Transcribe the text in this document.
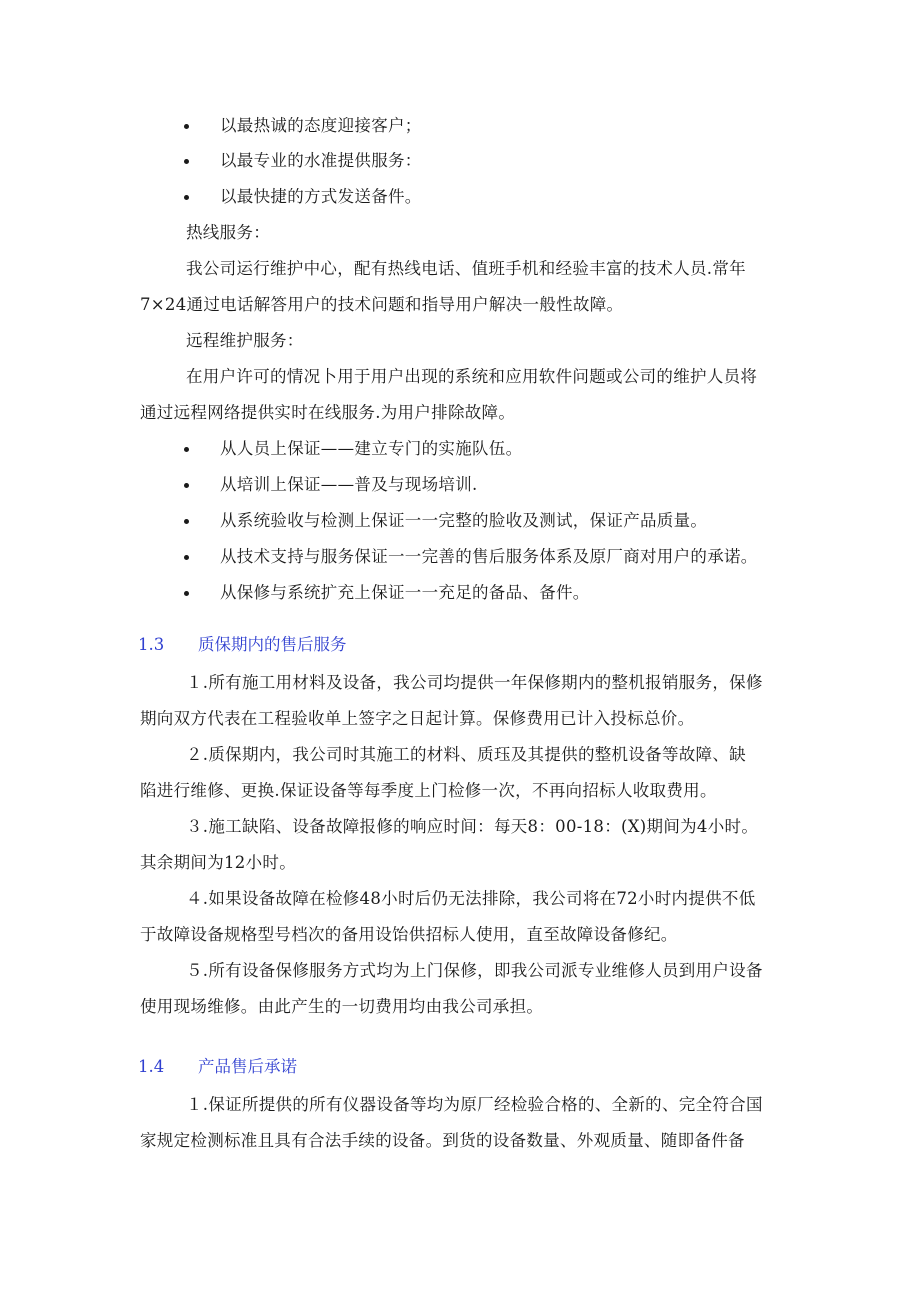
以最热诚的态度迎接客户；
以最专业的水准提供服务：
以最快捷的方式发送备件。
热线服务：
我公司运行维护中心，配有热线电话、值班手机和经验丰富的技术人员.常年
7×24通过电话解答用户的技术问题和指导用户解决一般性故障。
远程维护服务：
在用户许可的情况卜用于用户出现的系统和应用软件问题或公司的维护人员将
通过远程网络提供实时在线服务.为用户排除故障。
从人员上保证——建立专门的实施队伍。
从培训上保证——普及与现场培训.
从系统验收与检测上保证一一完整的脸收及测试，保证产品质量。
从技术支持与服务保证一一完善的售后服务体系及原厂商对用户的承诺。
从保修与系统扩充上保证一一充足的备品、备件。
1.3 质保期内的售后服务
１.所有施工用材料及设备，我公司均提供一年保修期内的整机报销服务，保修
期向双方代表在工程验收单上签字之日起计算。保修费用已计入投标总价。
２.质保期内，我公司时其施工的材料、质珏及其提供的整机设备等故障、缺
陷进行维修、更换.保证设备等每季度上门检修一次，不再向招标人收取费用。
３.施工缺陷、设备故障报修的响应时间：每天8：00-18：(X)期间为4小时。
其余期间为12小时。
４.如果设备故障在检修48小时后仍无法排除，我公司将在72小时内提供不低
于故障设备规格型号档次的备用设饴供招标人使用，直至故障设备修纪。
５.所有设备保修服务方式均为上门保修，即我公司派专业维修人员到用户设备
使用现场维修。由此产生的一切费用均由我公司承担。
1.4 产品售后承诺
１.保证所提供的所有仪器设备等均为原厂经检验合格的、全新的、完全符合国
家规定检测标准且具有合法手续的设备。到货的设备数量、外观质量、随即备件备
